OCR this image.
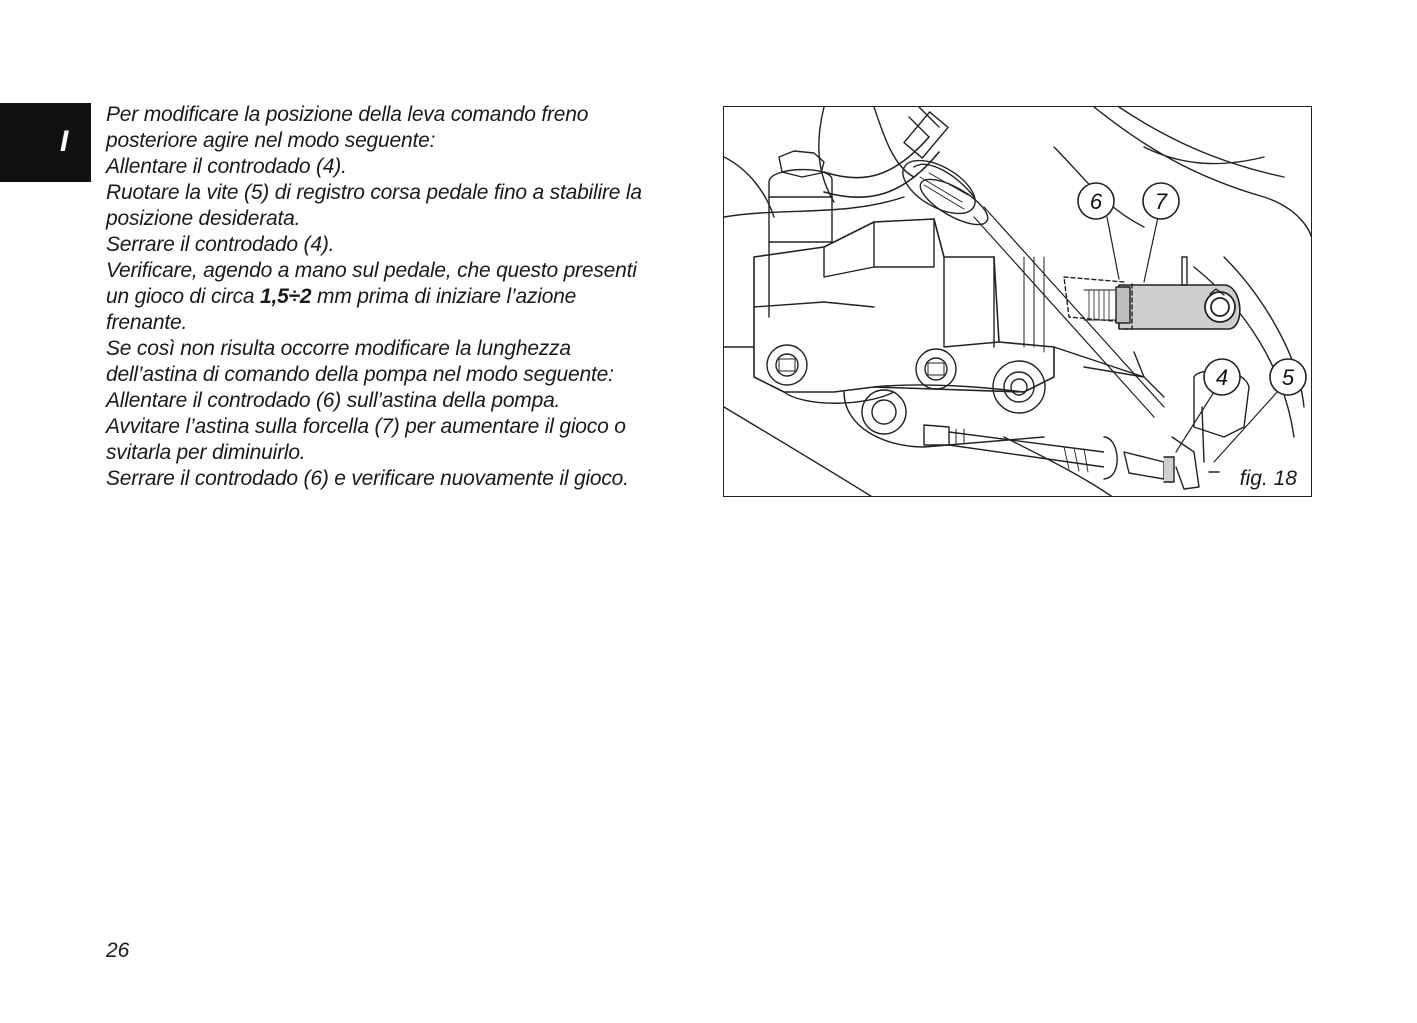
I
Per modificare la posizione della leva comando freno
posteriore agire nel modo seguente:
Allentare il controdado (4).
Ruotare la vite (5) di registro corsa pedale fino a stabilire la
posizione desiderata.
Serrare il controdado (4).
Verificare, agendo a mano sul pedale, che questo presenti
un gioco di circa 1,5÷2 mm prima di iniziare l’azione
frenante.
Se così non risulta occorre modificare la lunghezza
dell’astina di comando della pompa nel modo seguente:
Allentare il controdado (6) sull’astina della pompa.
Avvitare l’astina sulla forcella (7) per aumentare il gioco o
svitarla per diminuirlo.
Serrare il controdado (6) e verificare nuovamente il gioco.
6 7
4 5
fig. 18
26
